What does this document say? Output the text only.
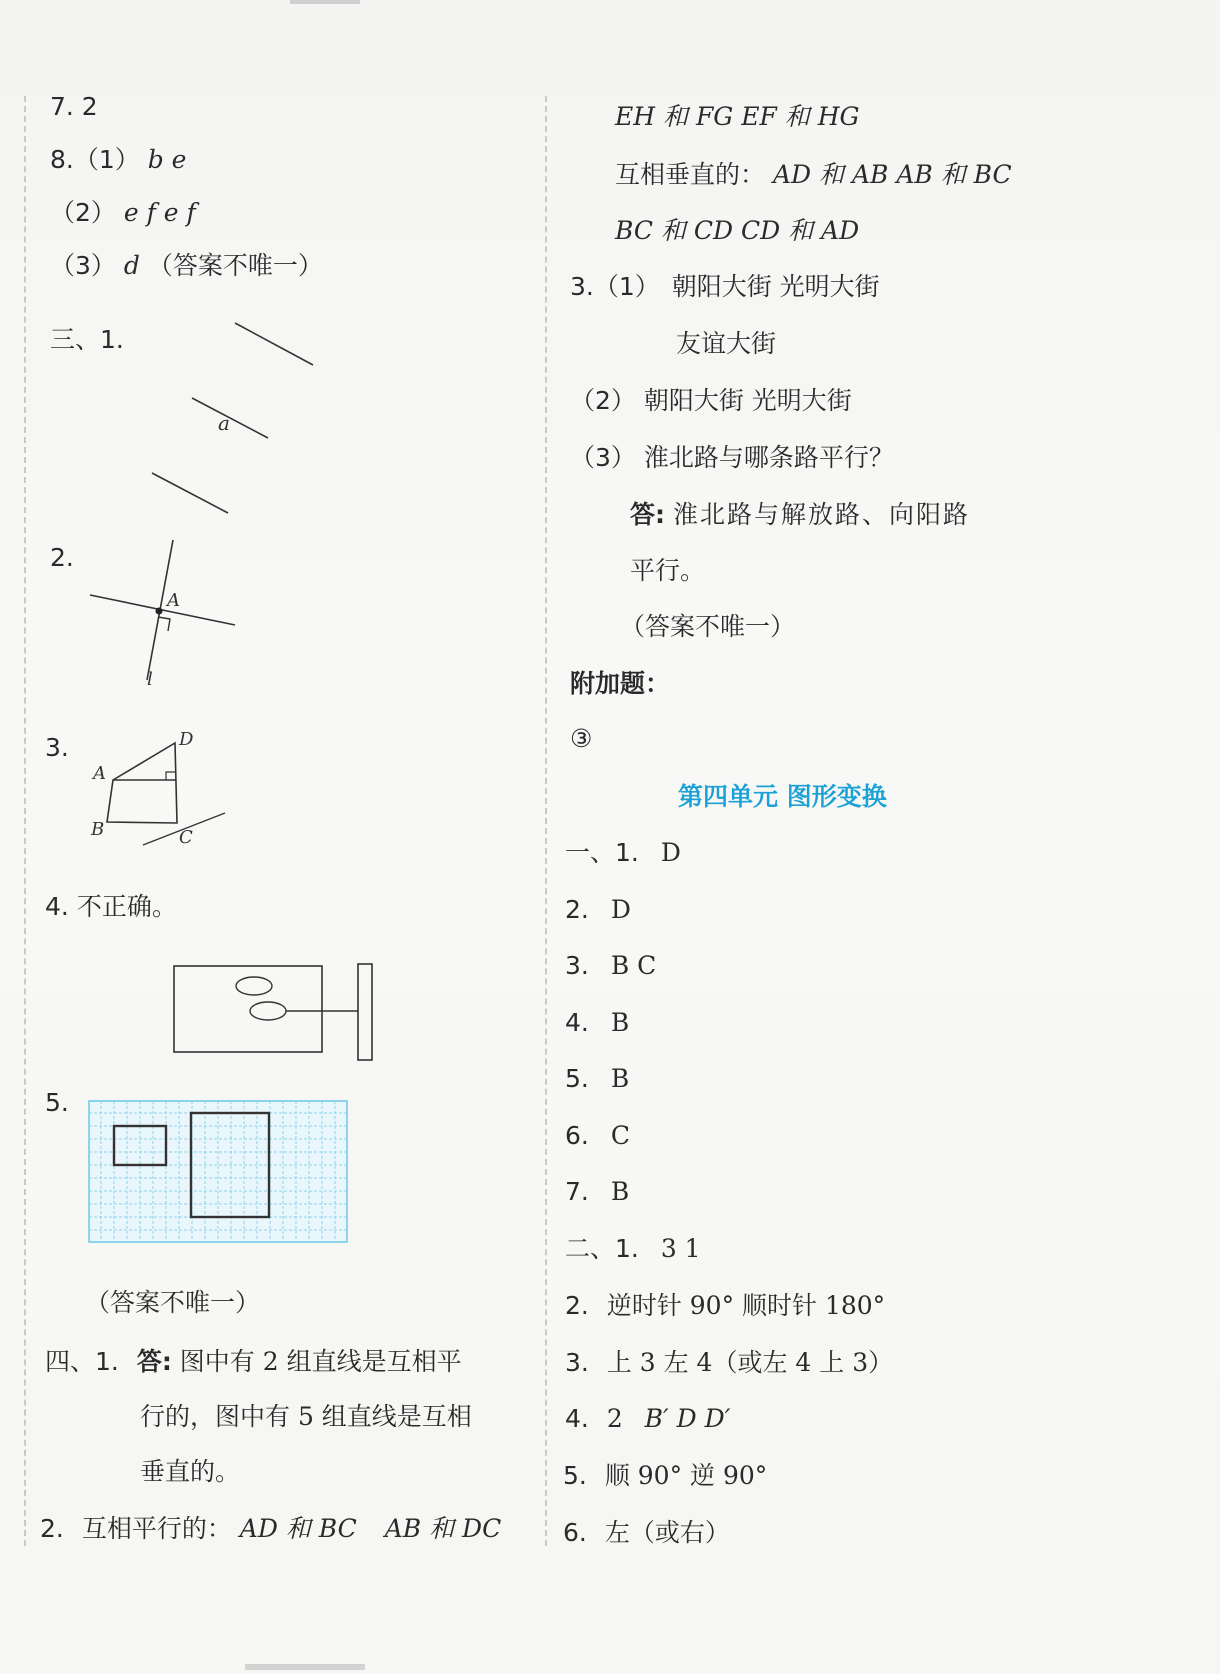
7. 2
8.（1） b e
（2） e f e f
（3） d （答案不唯一）
三、1.
a
2.
A
l
3.
A
D
B	C
4. 不正确。
5.
（答案不唯一）
四、1. 答: 图中有 2 组直线是互相平
行的，图中有 5 组直线是互相
垂直的。
2. 互相平行的： AD 和 BC AB 和 DC
EH 和 FG EF 和 HG
互相垂直的： AD 和 AB AB 和 BC
BC 和 CD CD 和 AD
3.（1） 朝阳大街 光明大街
友谊大街
（2） 朝阳大街 光明大街
（3） 淮北路与哪条路平行？
答: 淮北路与解放路、向阳路
平行。
（答案不唯一）
附加题：
③
第四单元 图形变换
一、1. D
2. D
3. B C
4. B
5. B
6. C
7. B
二、1. 3 1
2. 逆时针 90° 顺时针 180°
3. 上 3 左 4（或左 4 上 3）
4. 2 B′ D D′
5. 顺 90° 逆 90°
6. 左（或右）
